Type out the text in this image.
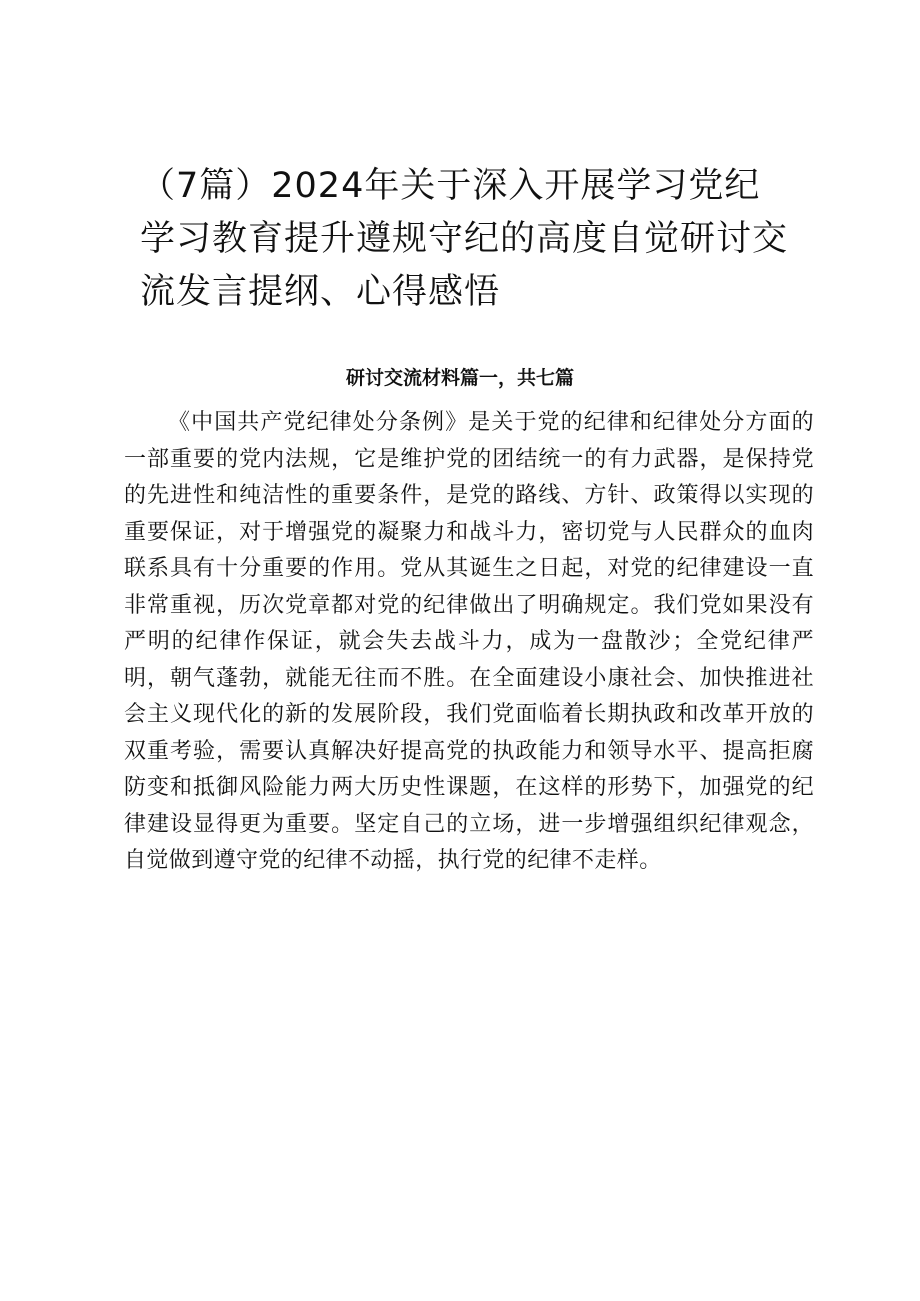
（7篇）2024年关于深入开展学习党纪学习教育提升遵规守纪的高度自觉研讨交流发言提纲、心得感悟
研讨交流材料篇一，共七篇

《中国共产党纪律处分条例》是关于党的纪律和纪律处分方面的一部重要的党内法规，它是维护党的团结统一的有力武器，是保持党的先进性和纯洁性的重要条件，是党的路线、方针、政策得以实现的重要保证，对于增强党的凝聚力和战斗力，密切党与人民群众的血肉联系具有十分重要的作用。党从其诞生之日起，对党的纪律建设一直非常重视，历次党章都对党的纪律做出了明确规定。我们党如果没有严明的纪律作保证，就会失去战斗力，成为一盘散沙；全党纪律严明，朝气蓬勃，就能无往而不胜。在全面建设小康社会、加快推进社会主义现代化的新的发展阶段，我们党面临着长期执政和改革开放的双重考验，需要认真解决好提高党的执政能力和领导水平、提高拒腐防变和抵御风险能力两大历史性课题，在这样的形势下，加强党的纪律建设显得更为重要。坚定自己的立场，进一步增强组织纪律观念，自觉做到遵守党的纪律不动摇，执行党的纪律不走样。
